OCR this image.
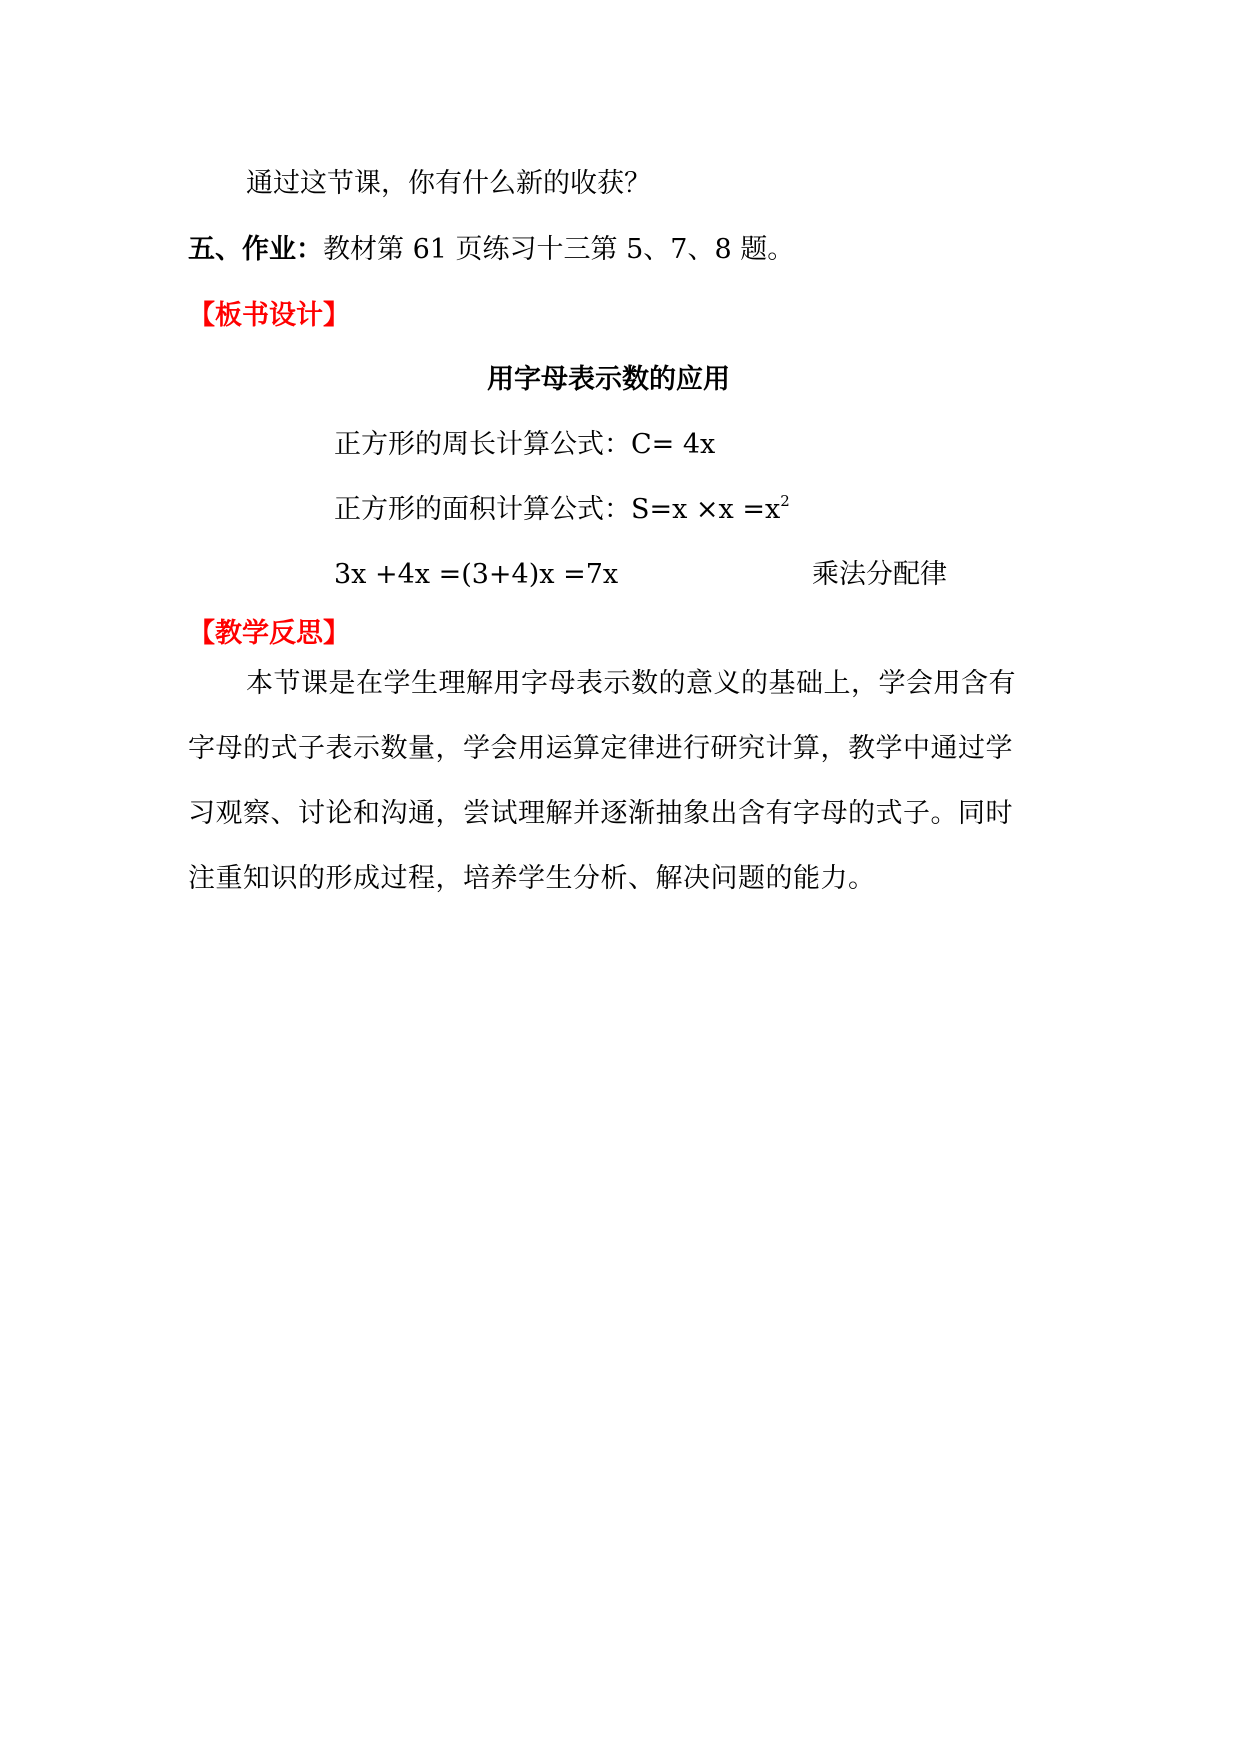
通过这节课，你有什么新的收获？
五、作业：教材第 61 页练习十三第 5、7、8 题。
【板书设计】
用字母表示数的应用
正方形的周长计算公式：C= 4x
正方形的面积计算公式：$S=x \times x =x^2$
3x +4x =(3+4)x =7x	乘法分配律
【教学反思】
本节课是在学生理解用字母表示数的意义的基础上，学会用含有
字母的式子表示数量，学会用运算定律进行研究计算，教学中通过学
习观察、讨论和沟通，尝试理解并逐渐抽象出含有字母的式子。同时
注重知识的形成过程，培养学生分析、解决问题的能力。
